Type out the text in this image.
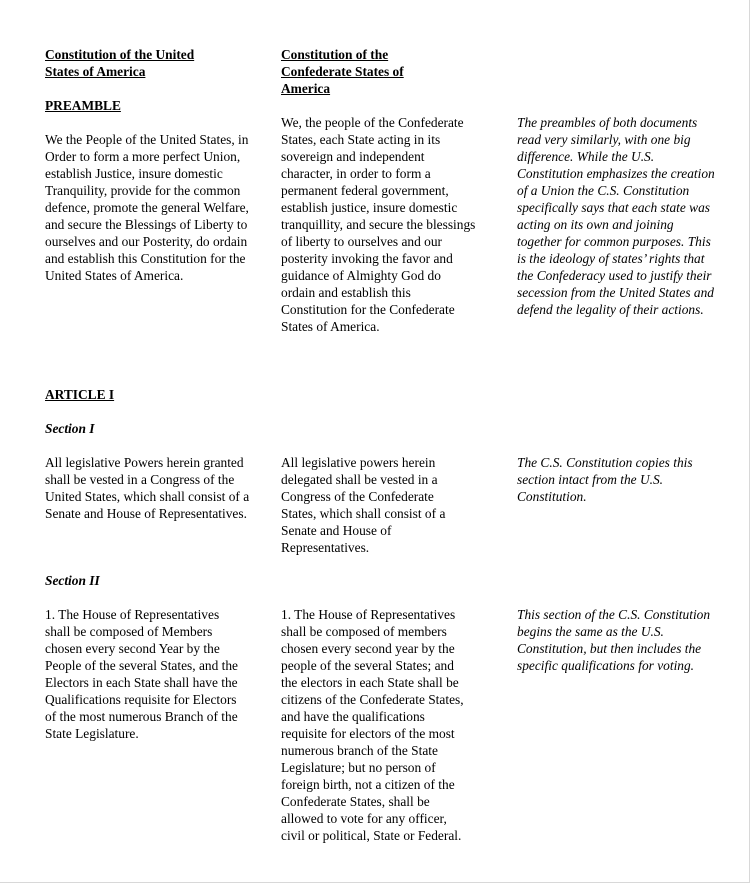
Constitution of the United States of America

Constitution of the Confederate States of America

PREAMBLE

We the People of the United States, in Order to form a more perfect Union, establish Justice, insure domestic Tranquility, provide for the common defence, promote the general Welfare, and secure the Blessings of Liberty to ourselves and our Posterity, do ordain and establish this Constitution for the United States of America.

We, the people of the Confederate States, each State acting in its sovereign and independent character, in order to form a permanent federal government, establish justice, insure domestic tranquillity, and secure the blessings of liberty to ourselves and our posterity invoking the favor and guidance of Almighty God do ordain and establish this Constitution for the Confederate States of America.

The preambles of both documents read very similarly, with one big difference. While the U.S. Constitution emphasizes the creation of a Union the C.S. Constitution specifically says that each state was acting on its own and joining together for common purposes. This is the ideology of states’ rights that the Confederacy used to justify their secession from the United States and defend the legality of their actions.

ARTICLE I

Section I

All legislative Powers herein granted shall be vested in a Congress of the United States, which shall consist of a Senate and House of Representatives.

All legislative powers herein delegated shall be vested in a Congress of the Confederate States, which shall consist of a Senate and House of Representatives.

The C.S. Constitution copies this section intact from the U.S. Constitution.

Section II

1. The House of Representatives shall be composed of Members chosen every second Year by the People of the several States, and the Electors in each State shall have the Qualifications requisite for Electors of the most numerous Branch of the State Legislature.

1. The House of Representatives shall be composed of members chosen every second year by the people of the several States; and the electors in each State shall be citizens of the Confederate States, and have the qualifications requisite for electors of the most numerous branch of the State Legislature; but no person of foreign birth, not a citizen of the Confederate States, shall be allowed to vote for any officer, civil or political, State or Federal.

This section of the C.S. Constitution begins the same as the U.S. Constitution, but then includes the specific qualifications for voting.
